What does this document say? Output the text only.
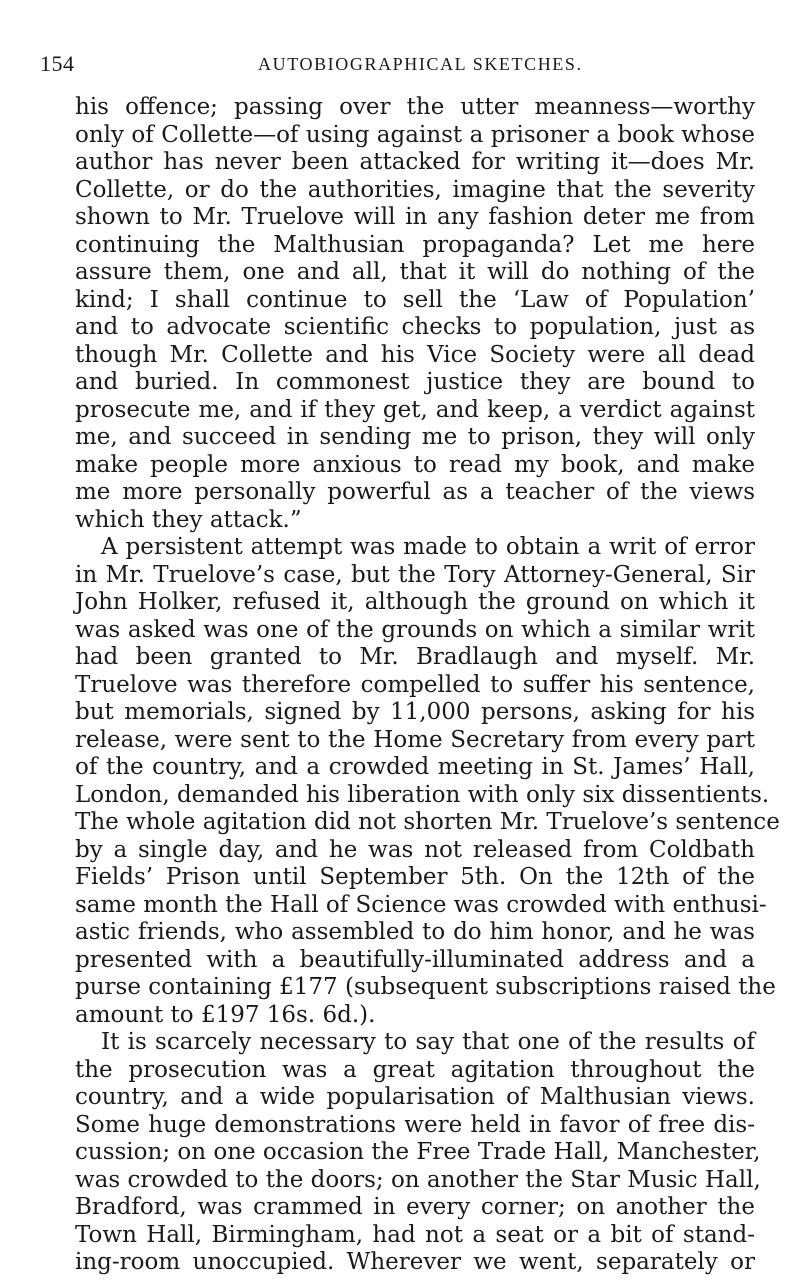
154	AUTOBIOGRAPHICAL SKETCHES.
his offence; passing over the utter meanness—worthy
only of Collette—of using against a prisoner a book whose
author has never been attacked for writing it—does Mr.
Collette, or do the authorities, imagine that the severity
shown to Mr. Truelove will in any fashion deter me from
continuing the Malthusian propaganda? Let me here
assure them, one and all, that it will do nothing of the
kind; I shall continue to sell the ‘Law of Population’
and to advocate scientific checks to population, just as
though Mr. Collette and his Vice Society were all dead
and buried. In commonest justice they are bound to
prosecute me, and if they get, and keep, a verdict against
me, and succeed in sending me to prison, they will only
make people more anxious to read my book, and make
me more personally powerful as a teacher of the views
which they attack.”
A persistent attempt was made to obtain a writ of error
in Mr. Truelove’s case, but the Tory Attorney-General, Sir
John Holker, refused it, although the ground on which it
was asked was one of the grounds on which a similar writ
had been granted to Mr. Bradlaugh and myself. Mr.
Truelove was therefore compelled to suffer his sentence,
but memorials, signed by 11,000 persons, asking for his
release, were sent to the Home Secretary from every part
of the country, and a crowded meeting in St. James’ Hall,
London, demanded his liberation with only six dissentients.
The whole agitation did not shorten Mr. Truelove’s sentence
by a single day, and he was not released from Coldbath
Fields’ Prison until September 5th. On the 12th of the
same month the Hall of Science was crowded with enthusi-
astic friends, who assembled to do him honor, and he was
presented with a beautifully-illuminated address and a
purse containing £177 (subsequent subscriptions raised the
amount to £197 16s. 6d.).
It is scarcely necessary to say that one of the results of
the prosecution was a great agitation throughout the
country, and a wide popularisation of Malthusian views.
Some huge demonstrations were held in favor of free dis-
cussion; on one occasion the Free Trade Hall, Manchester,
was crowded to the doors; on another the Star Music Hall,
Bradford, was crammed in every corner; on another the
Town Hall, Birmingham, had not a seat or a bit of stand-
ing-room unoccupied. Wherever we went, separately or
